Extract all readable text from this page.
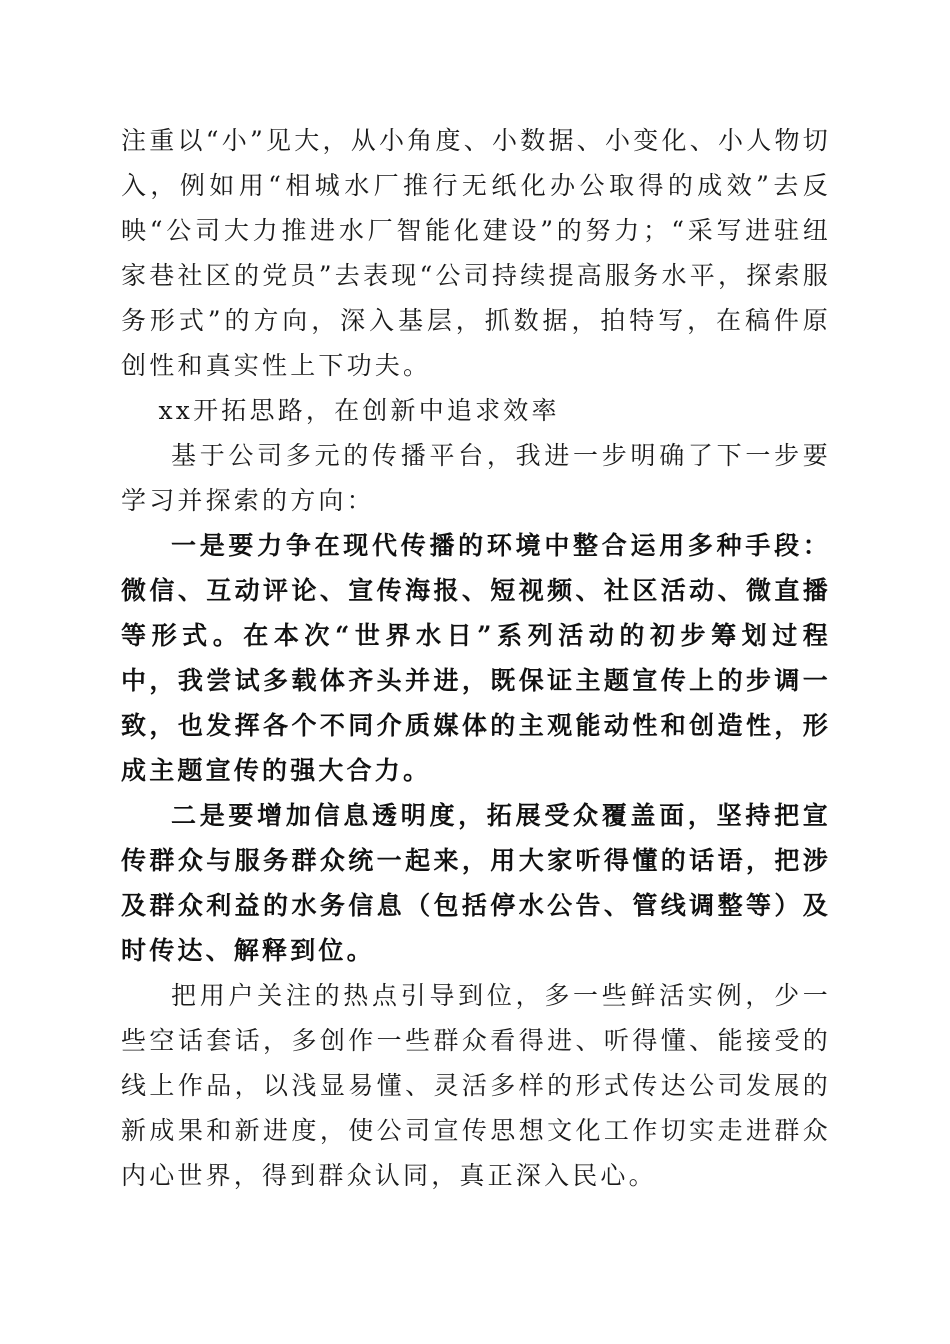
注重以“小”见大，从小角度、小数据、小变化、小人物切入，例如用“相城水厂推行无纸化办公取得的成效”去反映“公司大力推进水厂智能化建设”的努力；“采写进驻纽家巷社区的党员”去表现“公司持续提高服务水平，探索服务形式”的方向，深入基层，抓数据，拍特写，在稿件原创性和真实性上下功夫。

xx开拓思路，在创新中追求效率

基于公司多元的传播平台，我进一步明确了下一步要学习并探索的方向：

一是要力争在现代传播的环境中整合运用多种手段：微信、互动评论、宣传海报、短视频、社区活动、微直播等形式。在本次“世界水日”系列活动的初步筹划过程中，我尝试多载体齐头并进，既保证主题宣传上的步调一致，也发挥各个不同介质媒体的主观能动性和创造性，形成主题宣传的强大合力。

二是要增加信息透明度，拓展受众覆盖面，坚持把宣传群众与服务群众统一起来，用大家听得懂的话语，把涉及群众利益的水务信息（包括停水公告、管线调整等）及时传达、解释到位。

把用户关注的热点引导到位，多一些鲜活实例，少一些空话套话，多创作一些群众看得进、听得懂、能接受的线上作品，以浅显易懂、灵活多样的形式传达公司发展的新成果和新进度，使公司宣传思想文化工作切实走进群众内心世界，得到群众认同，真正深入民心。
